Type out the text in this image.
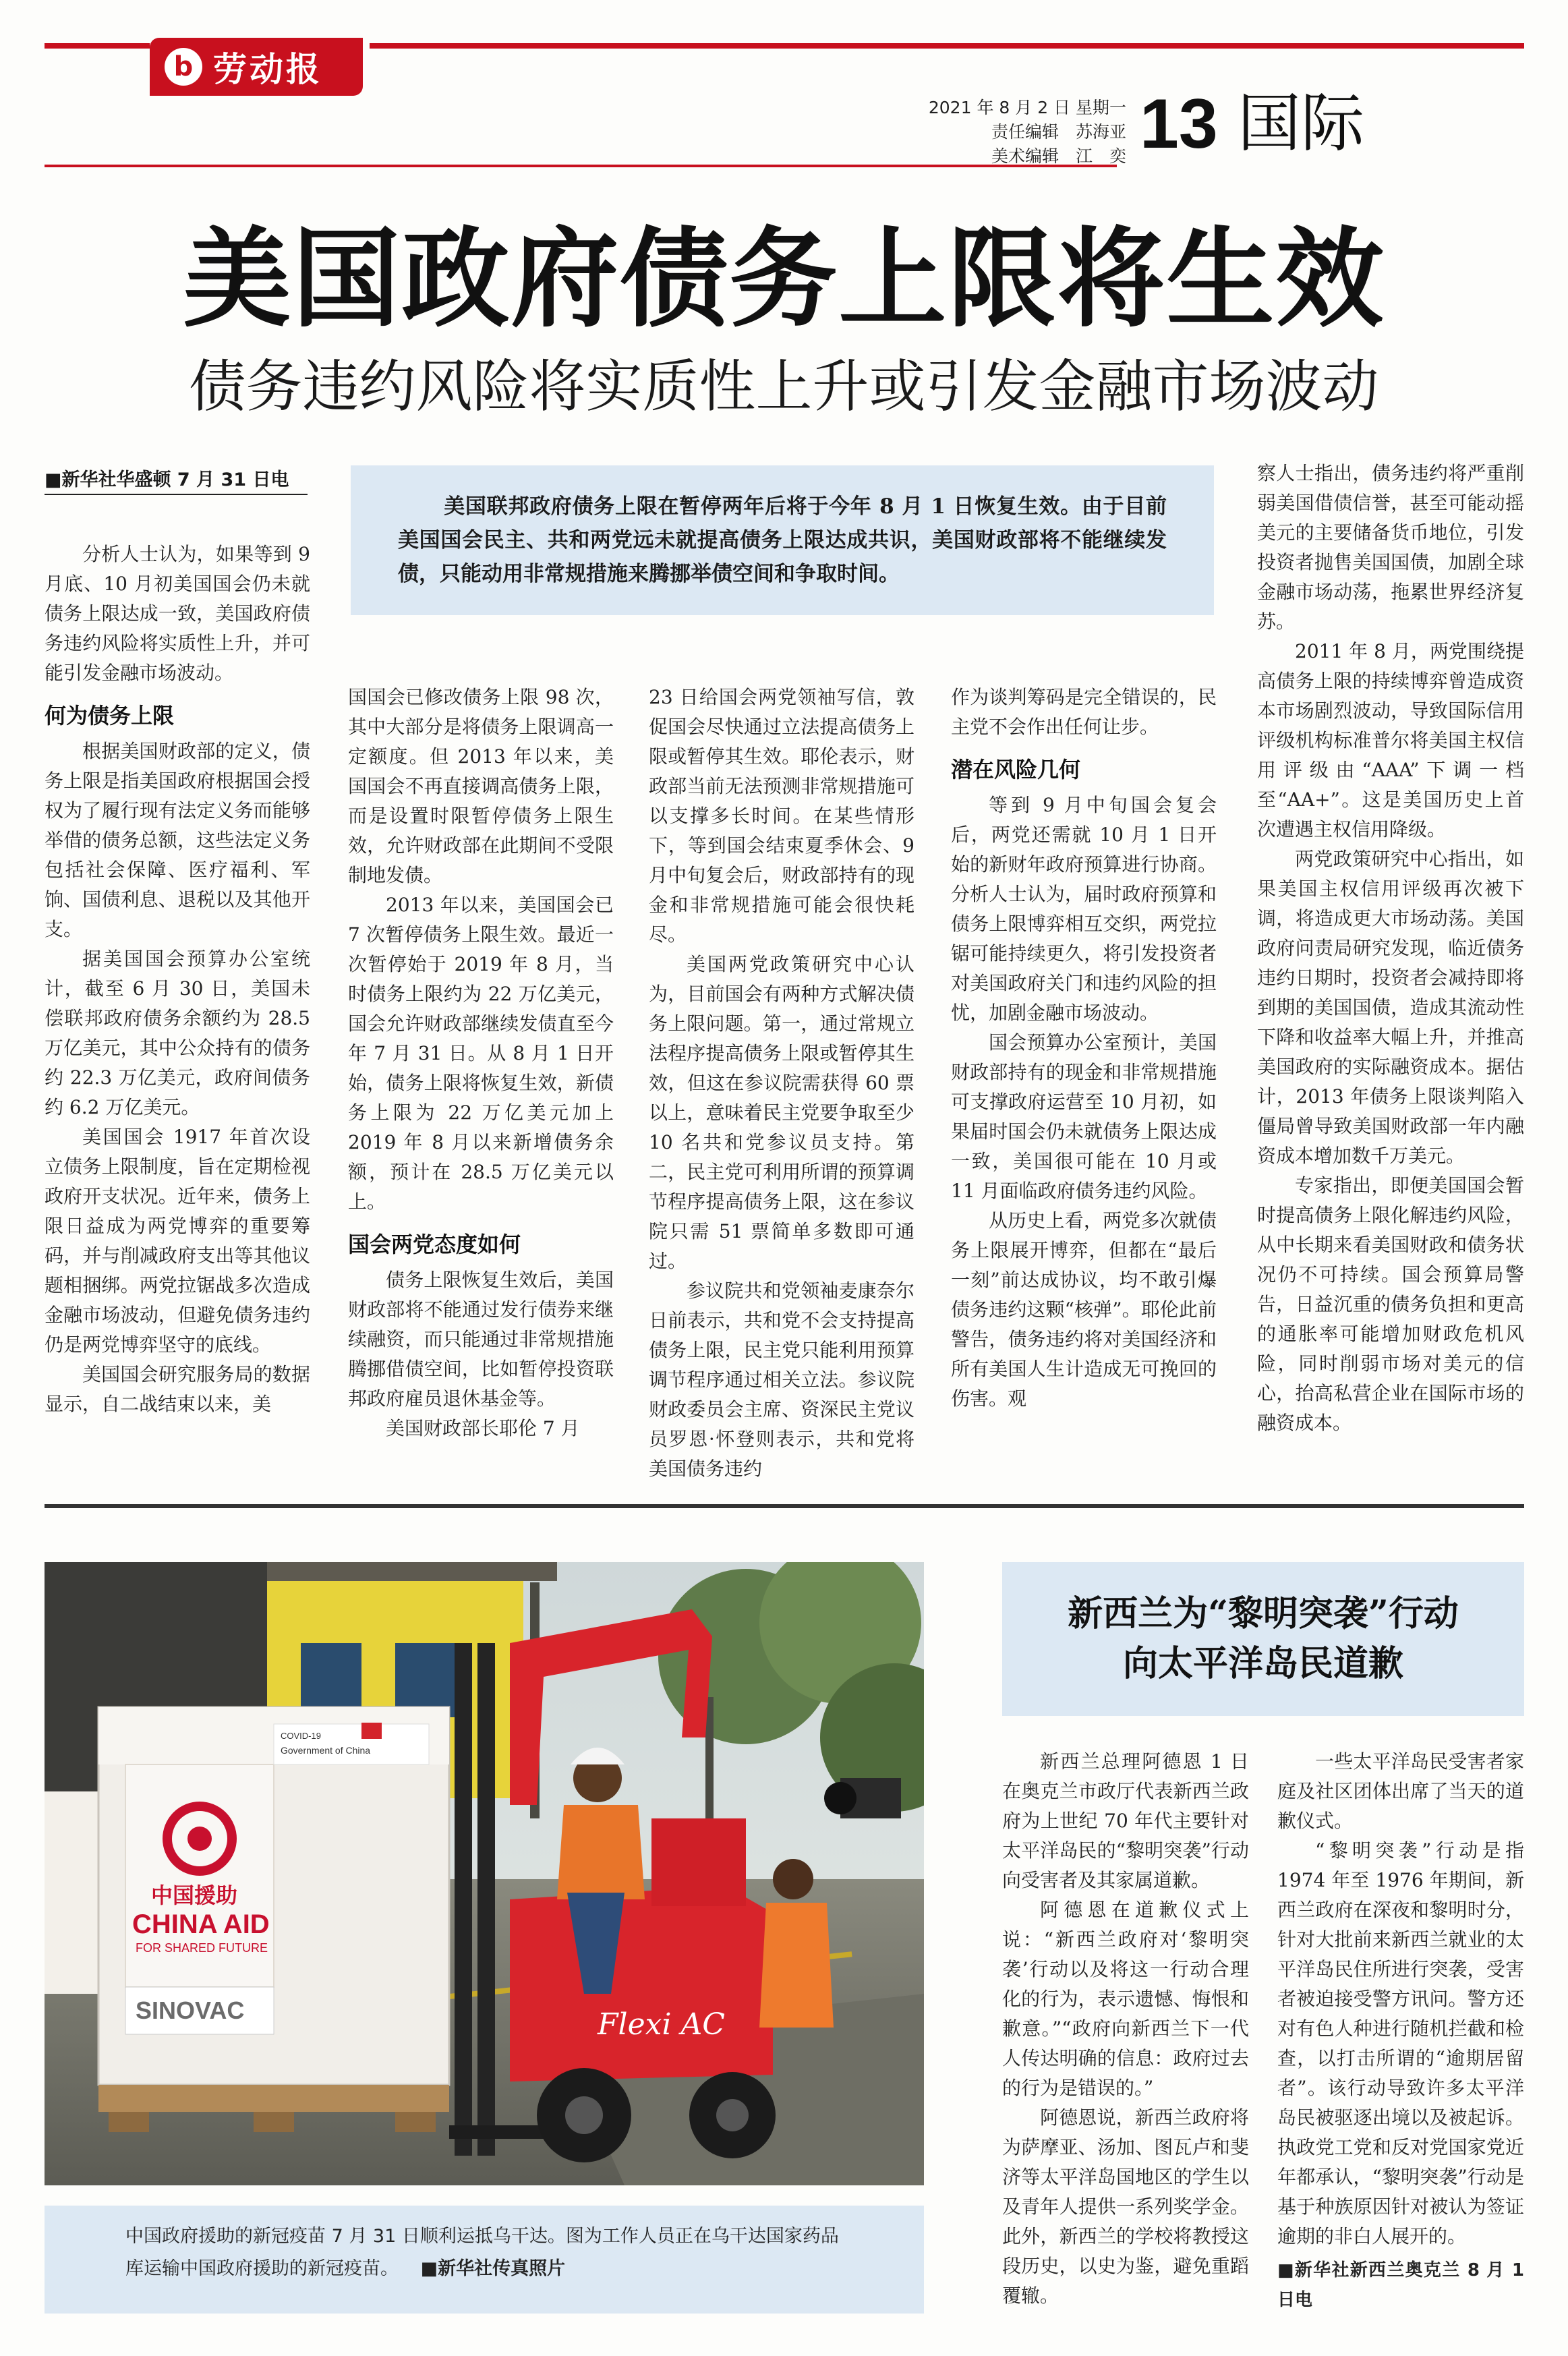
b 劳动报
2021 年 8 月 2 日 星期一
责任编辑　苏海亚
美术编辑　江　奕 13 国际
美国政府债务上限将生效
债务违约风险将实质性上升或引发金融市场波动
■新华社华盛顿 7 月 31 日电

美国联邦政府债务上限在暂停两年后将于今年 8 月 1 日恢复生效。由于目前美国国会民主、共和两党远未就提高债务上限达成共识，美国财政部将不能继续发债，只能动用非常规措施来腾挪举债空间和争取时间。

分析人士认为，如果等到 9 月底、10 月初美国国会仍未就债务上限达成一致，美国政府债务违约风险将实质性上升，并可能引发金融市场波动。

何为债务上限

根据美国财政部的定义，债务上限是指美国政府根据国会授权为了履行现有法定义务而能够举借的债务总额，这些法定义务包括社会保障、医疗福利、军饷、国债利息、退税以及其他开支。

据美国国会预算办公室统计，截至 6 月 30 日，美国未偿联邦政府债务余额约为 28.5 万亿美元，其中公众持有的债务约 22.3 万亿美元，政府间债务约 6.2 万亿美元。

美国国会 1917 年首次设立债务上限制度，旨在定期检视政府开支状况。近年来，债务上限日益成为两党博弈的重要筹码，并与削减政府支出等其他议题相捆绑。两党拉锯战多次造成金融市场波动，但避免债务违约仍是两党博弈坚守的底线。

美国国会研究服务局的数据显示，自二战结束以来，美

国国会已修改债务上限 98 次，其中大部分是将债务上限调高一定额度。但 2013 年以来，美国国会不再直接调高债务上限，而是设置时限暂停债务上限生效，允许财政部在此期间不受限制地发债。

2013 年以来，美国国会已 7 次暂停债务上限生效。最近一次暂停始于 2019 年 8 月，当时债务上限约为 22 万亿美元，国会允许财政部继续发债直至今年 7 月 31 日。从 8 月 1 日开始，债务上限将恢复生效，新债务上限为 22 万亿美元加上 2019 年 8 月以来新增债务余额，预计在 28.5 万亿美元以上。

国会两党态度如何

债务上限恢复生效后，美国财政部将不能通过发行债券来继续融资，而只能通过非常规措施腾挪借债空间，比如暂停投资联邦政府雇员退休基金等。

美国财政部长耶伦 7 月

23 日给国会两党领袖写信，敦促国会尽快通过立法提高债务上限或暂停其生效。耶伦表示，财政部当前无法预测非常规措施可以支撑多长时间。在某些情形下，等到国会结束夏季休会、9 月中旬复会后，财政部持有的现金和非常规措施可能会很快耗尽。

美国两党政策研究中心认为，目前国会有两种方式解决债务上限问题。第一，通过常规立法程序提高债务上限或暂停其生效，但这在参议院需获得 60 票以上，意味着民主党要争取至少 10 名共和党参议员支持。第二，民主党可利用所谓的预算调节程序提高债务上限，这在参议院只需 51 票简单多数即可通过。

参议院共和党领袖麦康奈尔日前表示，共和党不会支持提高债务上限，民主党只能利用预算调节程序通过相关立法。参议院财政委员会主席、资深民主党议员罗恩·怀登则表示，共和党将美国债务违约

作为谈判筹码是完全错误的，民主党不会作出任何让步。

潜在风险几何

等到 9 月中旬国会复会后，两党还需就 10 月 1 日开始的新财年政府预算进行协商。分析人士认为，届时政府预算和债务上限博弈相互交织，两党拉锯可能持续更久，将引发投资者对美国政府关门和违约风险的担忧，加剧金融市场波动。

国会预算办公室预计，美国财政部持有的现金和非常规措施可支撑政府运营至 10 月初，如果届时国会仍未就债务上限达成一致，美国很可能在 10 月或 11 月面临政府债务违约风险。

从历史上看，两党多次就债务上限展开博弈，但都在“最后一刻”前达成协议，均不敢引爆债务违约这颗“核弹”。耶伦此前警告，债务违约将对美国经济和所有美国人生计造成无可挽回的伤害。观

察人士指出，债务违约将严重削弱美国借债信誉，甚至可能动摇美元的主要储备货币地位，引发投资者抛售美国国债，加剧全球金融市场动荡，拖累世界经济复苏。

2011 年 8 月，两党围绕提高债务上限的持续博弈曾造成资本市场剧烈波动，导致国际信用评级机构标准普尔将美国主权信用评级由“AAA”下调一档至“AA+”。这是美国历史上首次遭遇主权信用降级。

两党政策研究中心指出，如果美国主权信用评级再次被下调，将造成更大市场动荡。美国政府问责局研究发现，临近债务违约日期时，投资者会减持即将到期的美国国债，造成其流动性下降和收益率大幅上升，并推高美国政府的实际融资成本。据估计，2013 年债务上限谈判陷入僵局曾导致美国财政部一年内融资成本增加数千万美元。

专家指出，即便美国国会暂时提高债务上限化解违约风险，从中长期来看美国财政和债务状况仍不可持续。国会预算局警告，日益沉重的债务负担和更高的通胀率可能增加财政危机风险，同时削弱市场对美元的信心，抬高私营企业在国际市场的融资成本。

COVID-19
Government of China
中国援助
CHINA AID
FOR SHARED FUTURE
SINOVAC	Flexi AC
中国政府援助的新冠疫苗 7 月 31 日顺利运抵乌干达。图为工作人员正在乌干达国家药品库运输中国政府援助的新冠疫苗。 ■新华社传真照片
新西兰为“黎明突袭”行动
向太平洋岛民道歉

新西兰总理阿德恩 1 日在奥克兰市政厅代表新西兰政府为上世纪 70 年代主要针对太平洋岛民的“黎明突袭”行动向受害者及其家属道歉。

阿德恩在道歉仪式上说：“新西兰政府对‘黎明突袭’行动以及将这一行动合理化的行为，表示遗憾、悔恨和歉意。”“政府向新西兰下一代人传达明确的信息：政府过去的行为是错误的。”

阿德恩说，新西兰政府将为萨摩亚、汤加、图瓦卢和斐济等太平洋岛国地区的学生以及青年人提供一系列奖学金。此外，新西兰的学校将教授这段历史，以史为鉴，避免重蹈覆辙。

一些太平洋岛民受害者家庭及社区团体出席了当天的道歉仪式。

“黎明突袭”行动是指 1974 年至 1976 年期间，新西兰政府在深夜和黎明时分，针对大批前来新西兰就业的太平洋岛民住所进行突袭，受害者被迫接受警方讯问。警方还对有色人种进行随机拦截和检查，以打击所谓的“逾期居留者”。该行动导致许多太平洋岛民被驱逐出境以及被起诉。执政党工党和反对党国家党近年都承认，“黎明突袭”行动是基于种族原因针对被认为签证逾期的非白人展开的。

■新华社新西兰奥克兰 8 月 1 日电
